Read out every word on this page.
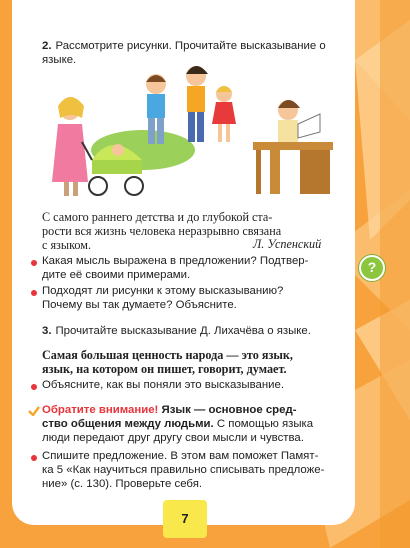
2. Рассмотрите рисунки. Прочитайте высказывание о

языке.

С самого раннего детства и до глубокой ста-

рости вся жизнь человека неразрывно связана

с языком.	Л. Успенский

Какая мысль выражена в предложении? Подтвер-

дите её своими примерами.

Подходят ли рисунки к этому высказыванию?

Почему вы так думаете? Объясните.

?

3. Прочитайте высказывание Д. Лихачёва о языке.

Самая большая ценность народа — это язык,

язык, на котором он пишет, говорит, думает.

Объясните, как вы поняли это высказывание.

Обратите внимание! Язык — основное сред-

ство общения между людьми. С помощью языка

люди передают друг другу свои мысли и чувства.

Спишите предложение. В этом вам поможет Памят-

ка 5 «Как научиться правильно списывать предложе-

ние» (с. 130). Проверьте себя.

7
